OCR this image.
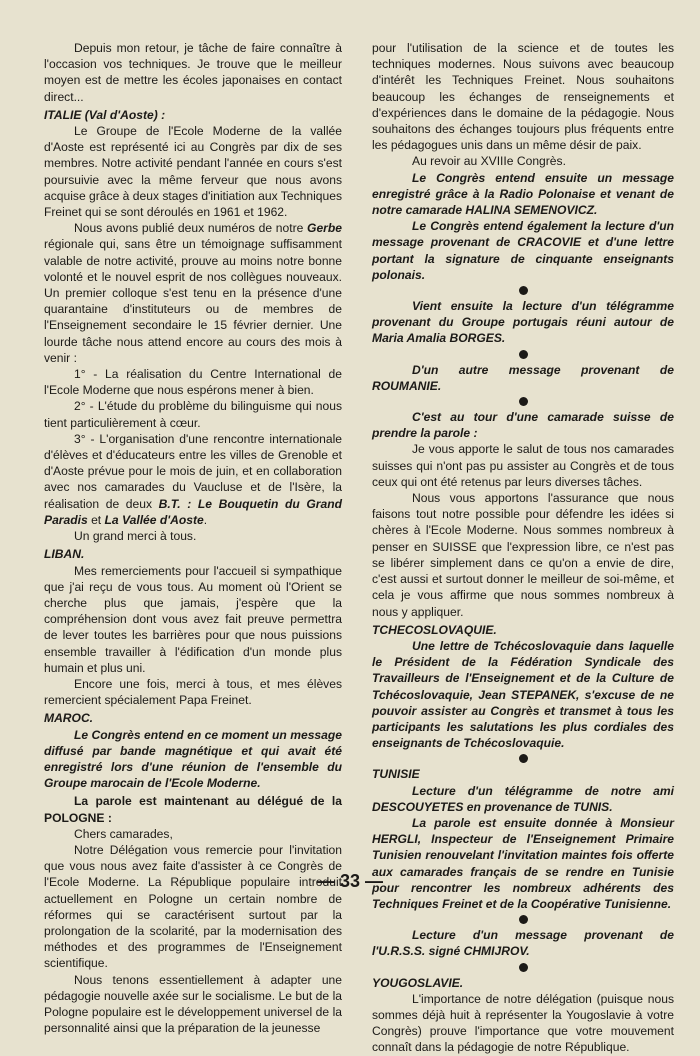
Depuis mon retour, je tâche de faire connaître à l'occasion vos techniques. Je trouve que le meilleur moyen est de mettre les écoles japonaises en contact direct...

ITALIE (Val d'Aoste) :

Le Groupe de l'Ecole Moderne de la vallée d'Aoste est représenté ici au Congrès par dix de ses membres. Notre activité pendant l'année en cours s'est poursuivie avec la même ferveur que nous avons acquise grâce à deux stages d'initiation aux Techniques Freinet qui se sont déroulés en 1961 et 1962.

Nous avons publié deux numéros de notre Gerbe régionale qui, sans être un témoignage suffisamment valable de notre activité, prouve au moins notre bonne volonté et le nouvel esprit de nos collègues nouveaux. Un premier colloque s'est tenu en la présence d'une quarantaine d'instituteurs ou de membres de l'Enseignement secondaire le 15 février dernier. Une lourde tâche nous attend encore au cours des mois à venir :

1° - La réalisation du Centre International de l'Ecole Moderne que nous espérons mener à bien.

2° - L'étude du problème du bilinguisme qui nous tient particulièrement à cœur.

3° - L'organisation d'une rencontre internationale d'élèves et d'éducateurs entre les villes de Grenoble et d'Aoste prévue pour le mois de juin, et en collaboration avec nos camarades du Vaucluse et de l'Isère, la réalisation de deux B.T. : Le Bouquetin du Grand Paradis et La Vallée d'Aoste.

Un grand merci à tous.

LIBAN.

Mes remerciements pour l'accueil si sympathique que j'ai reçu de vous tous. Au moment où l'Orient se cherche plus que jamais, j'espère que la compréhension dont vous avez fait preuve permettra de lever toutes les barrières pour que nous puissions ensemble travailler à l'édification d'un monde plus humain et plus uni.

Encore une fois, merci à tous, et mes élèves remercient spécialement Papa Freinet.

MAROC.

Le Congrès entend en ce moment un message diffusé par bande magnétique et qui avait été enregistré lors d'une réunion de l'ensemble du Groupe marocain de l'Ecole Moderne.

La parole est maintenant au délégué de la POLOGNE :

Chers camarades,

Notre Délégation vous remercie pour l'invitation que vous nous avez faite d'assister à ce Congrès de l'Ecole Moderne. La République populaire introduit actuellement en Pologne un certain nombre de réformes qui se caractérisent surtout par la prolongation de la scolarité, par la modernisation des méthodes et des programmes de l'Enseignement scientifique.

Nous tenons essentiellement à adapter une pédagogie nouvelle axée sur le socialisme. Le but de la Pologne populaire est le développement universel de la personnalité ainsi que la préparation de la jeunesse

pour l'utilisation de la science et de toutes les techniques modernes. Nous suivons avec beaucoup d'intérêt les Techniques Freinet. Nous souhaitons beaucoup les échanges de renseignements et d'expériences dans le domaine de la pédagogie. Nous souhaitons des échanges toujours plus fréquents entre les pédagogues unis dans un même désir de paix.

Au revoir au XVIIIe Congrès.

Le Congrès entend ensuite un message enregistré grâce à la Radio Polonaise et venant de notre camarade HALINA SEMENOVICZ.

Le Congrès entend également la lecture d'un message provenant de CRACOVIE et d'une lettre portant la signature de cinquante enseignants polonais.

Vient ensuite la lecture d'un télégramme provenant du Groupe portugais réuni autour de Maria Amalia BORGES.

D'un autre message provenant de ROUMANIE.

C'est au tour d'une camarade suisse de prendre la parole :

Je vous apporte le salut de tous nos camarades suisses qui n'ont pas pu assister au Congrès et de tous ceux qui ont été retenus par leurs diverses tâches.

Nous vous apportons l'assurance que nous faisons tout notre possible pour défendre les idées si chères à l'Ecole Moderne. Nous sommes nombreux à penser en SUISSE que l'expression libre, ce n'est pas se libérer simplement dans ce qu'on a envie de dire, c'est aussi et surtout donner le meilleur de soi-même, et cela je vous affirme que nous sommes nombreux à nous y appliquer.

TCHECOSLOVAQUIE.

Une lettre de Tchécoslovaquie dans laquelle le Président de la Fédération Syndicale des Travailleurs de l'Enseignement et de la Culture de Tchécoslovaquie, Jean STEPANEK, s'excuse de ne pouvoir assister au Congrès et transmet à tous les participants les salutations les plus cordiales des enseignants de Tchécoslovaquie.

TUNISIE

Lecture d'un télégramme de notre ami DESCOUYETES en provenance de TUNIS.

La parole est ensuite donnée à Monsieur HERGLI, Inspecteur de l'Enseignement Primaire Tunisien renouvelant l'invitation maintes fois offerte aux camarades français de se rendre en Tunisie pour rencontrer les nombreux adhérents des Techniques Freinet et de la Coopérative Tunisienne.

Lecture d'un message provenant de l'U.R.S.S. signé CHMIJROV.

YOUGOSLAVIE.

L'importance de notre délégation (puisque nous sommes déjà huit à représenter la Yougoslavie à votre Congrès) prouve l'importance que votre mouvement connaît dans la pédagogie de notre République.

— 33 —
